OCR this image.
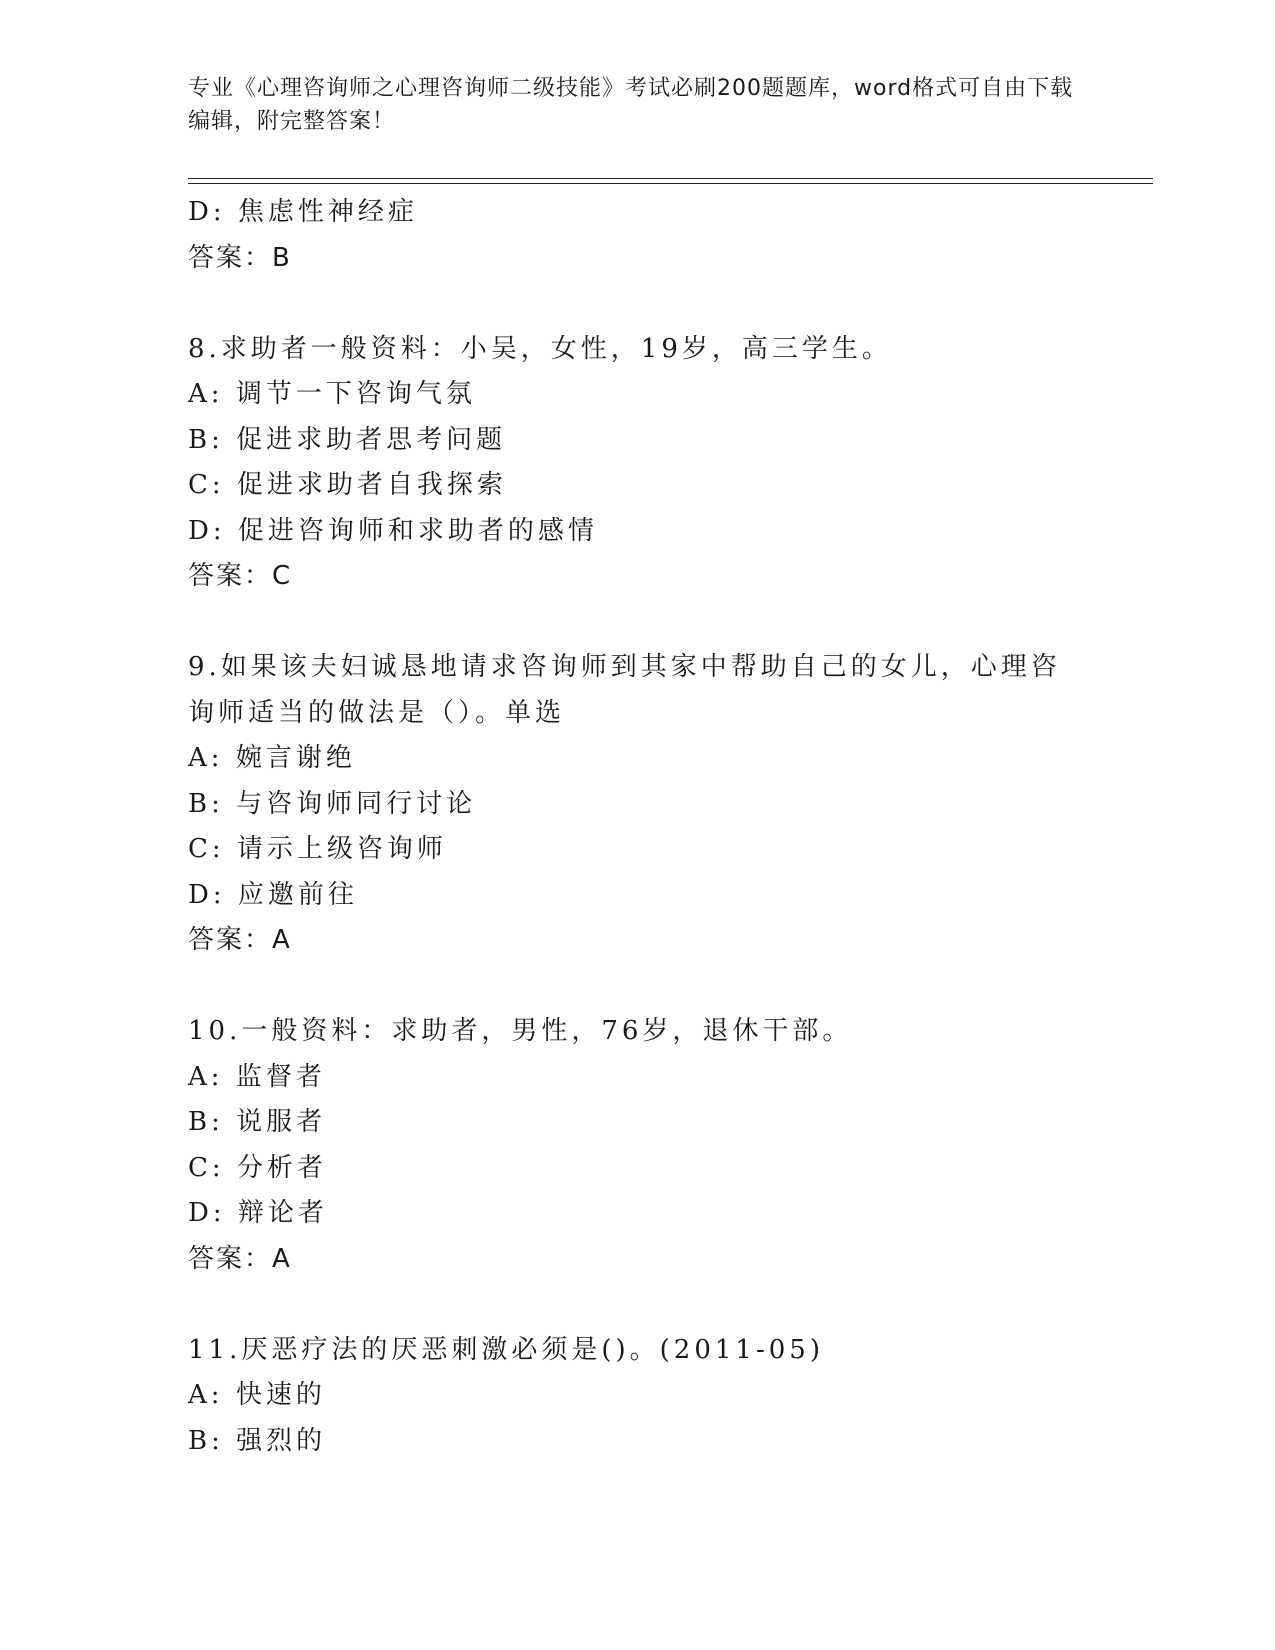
专业《心理咨询师之心理咨询师二级技能》考试必刷200题题库，word格式可自由下载编辑，附完整答案！

D: 焦虑性神经症

答案：B

8.求助者一般资料：小吴，女性，19岁，高三学生。

A: 调节一下咨询气氛

B: 促进求助者思考问题

C: 促进求助者自我探索

D: 促进咨询师和求助者的感情

答案：C

9.如果该夫妇诚恳地请求咨询师到其家中帮助自己的女儿，心理咨询师适当的做法是（）。单选

A: 婉言谢绝

B: 与咨询师同行讨论

C: 请示上级咨询师

D: 应邀前往

答案：A

10.一般资料：求助者，男性，76岁，退休干部。

A: 监督者

B: 说服者

C: 分析者

D: 辩论者

答案：A

11.厌恶疗法的厌恶刺激必须是()。(2011-05)

A: 快速的

B: 强烈的
